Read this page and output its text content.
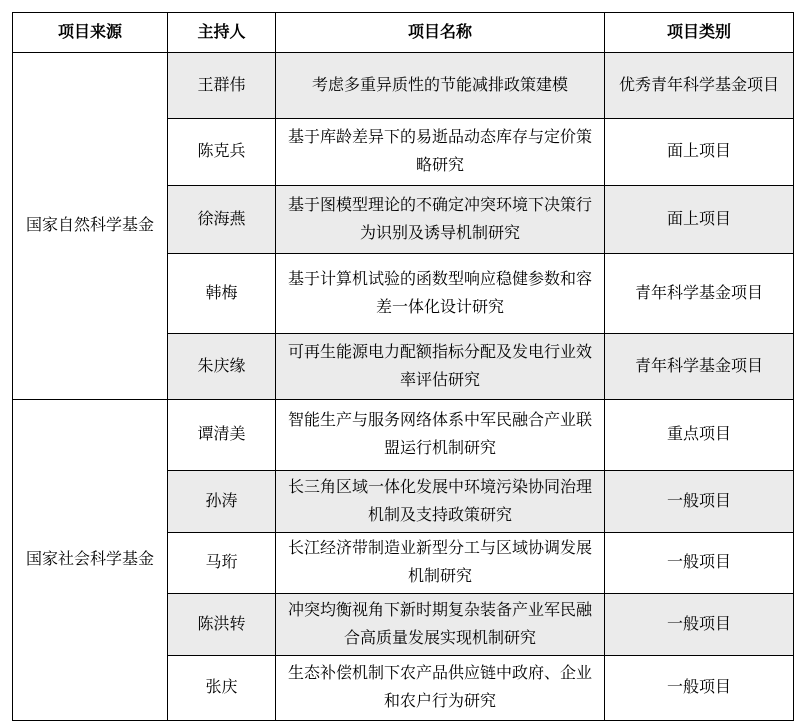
项目来源	主持人	项目名称	项目类别
国家自然科学基金	王群伟	考虑多重异质性的节能减排政策建模	优秀青年科学基金项目
	陈克兵	基于库龄差异下的易逝品动态库存与定价策略研究	面上项目
	徐海燕	基于图模型理论的不确定冲突环境下决策行为识别及诱导机制研究	面上项目
	韩梅	基于计算机试验的函数型响应稳健参数和容差一体化设计研究	青年科学基金项目
	朱庆缘	可再生能源电力配额指标分配及发电行业效率评估研究	青年科学基金项目
国家社会科学基金	谭清美	智能生产与服务网络体系中军民融合产业联盟运行机制研究	重点项目
	孙涛	长三角区域一体化发展中环境污染协同治理机制及支持政策研究	一般项目
	马珩	长江经济带制造业新型分工与区域协调发展机制研究	一般项目
	陈洪转	冲突均衡视角下新时期复杂装备产业军民融合高质量发展实现机制研究	一般项目
	张庆	生态补偿机制下农产品供应链中政府、企业和农户行为研究	一般项目
